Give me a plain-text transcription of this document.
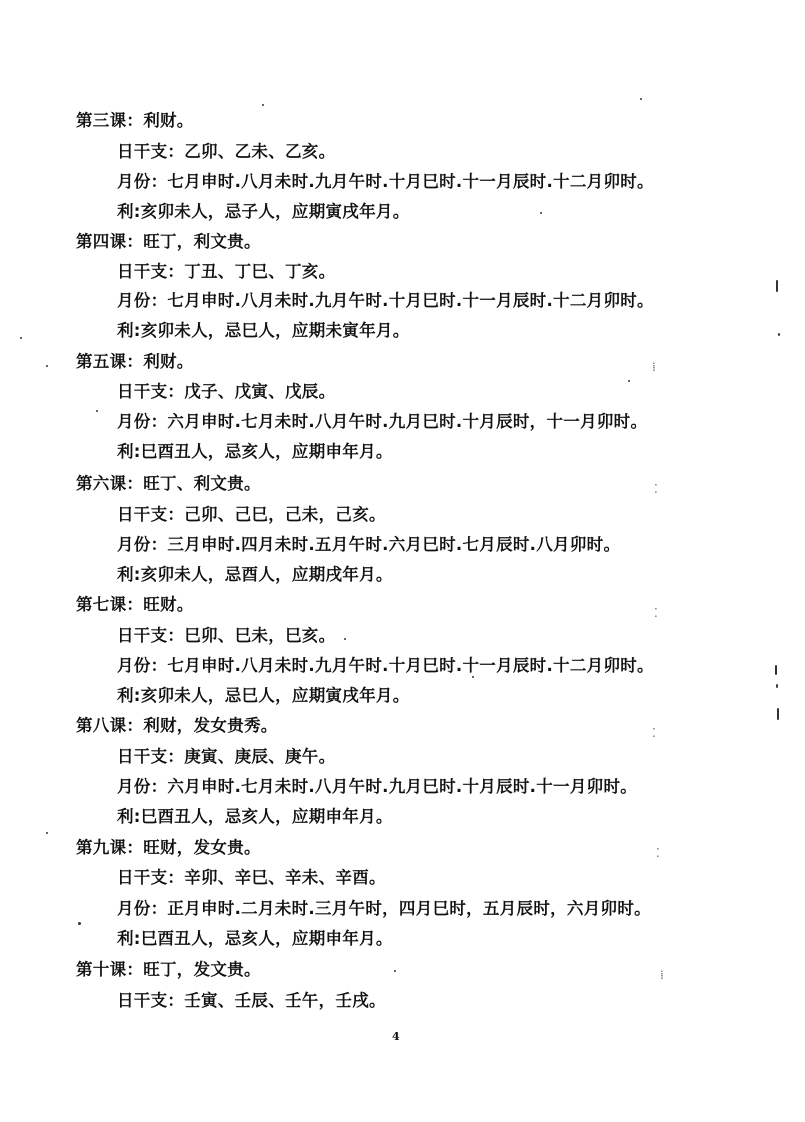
第三课：利财。
日干支：乙卯、乙未、乙亥。
月份：七月申时.八月未时.九月午时.十月巳时.十一月辰时.十二月卯时。
利:亥卯未人，忌子人，应期寅戌年月。
第四课：旺丁，利文贵。
日干支：丁丑、丁巳、丁亥。
月份：七月申时.八月未时.九月午时.十月巳时.十一月辰时.十二月卯时。
利:亥卯未人，忌巳人，应期未寅年月。
第五课：利财。
日干支：戊子、戊寅、戊辰。
月份：六月申时.七月未时.八月午时.九月巳时.十月辰时，十一月卯时。
利:巳酉丑人，忌亥人，应期申年月。
第六课：旺丁、利文贵。
日干支：己卯、己巳，己未，己亥。
月份：三月申时.四月未时.五月午时.六月巳时.七月辰时.八月卯时。
利:亥卯未人，忌酉人，应期戌年月。
第七课：旺财。
日干支：巳卯、巳未，巳亥。
月份：七月申时.八月未时.九月午时.十月巳时.十一月辰时.十二月卯时。
利:亥卯未人，忌巳人，应期寅戌年月。
第八课：利财，发女贵秀。
日干支：庚寅、庚辰、庚午。
月份：六月申时.七月未时.八月午时.九月巳时.十月辰时.十一月卯时。
利:巳酉丑人，忌亥人，应期申年月。
第九课：旺财，发女贵。
日干支：辛卯、辛巳、辛未、辛酉。
月份：正月申时.二月未时.三月午时，四月巳时，五月辰时，六月卯时。
利:巳酉丑人，忌亥人，应期申年月。
第十课：旺丁，发文贵。
日干支：壬寅、壬辰、壬午，壬戌。
4
⁞
⁚
⁚
⁚
⁚
⁞
